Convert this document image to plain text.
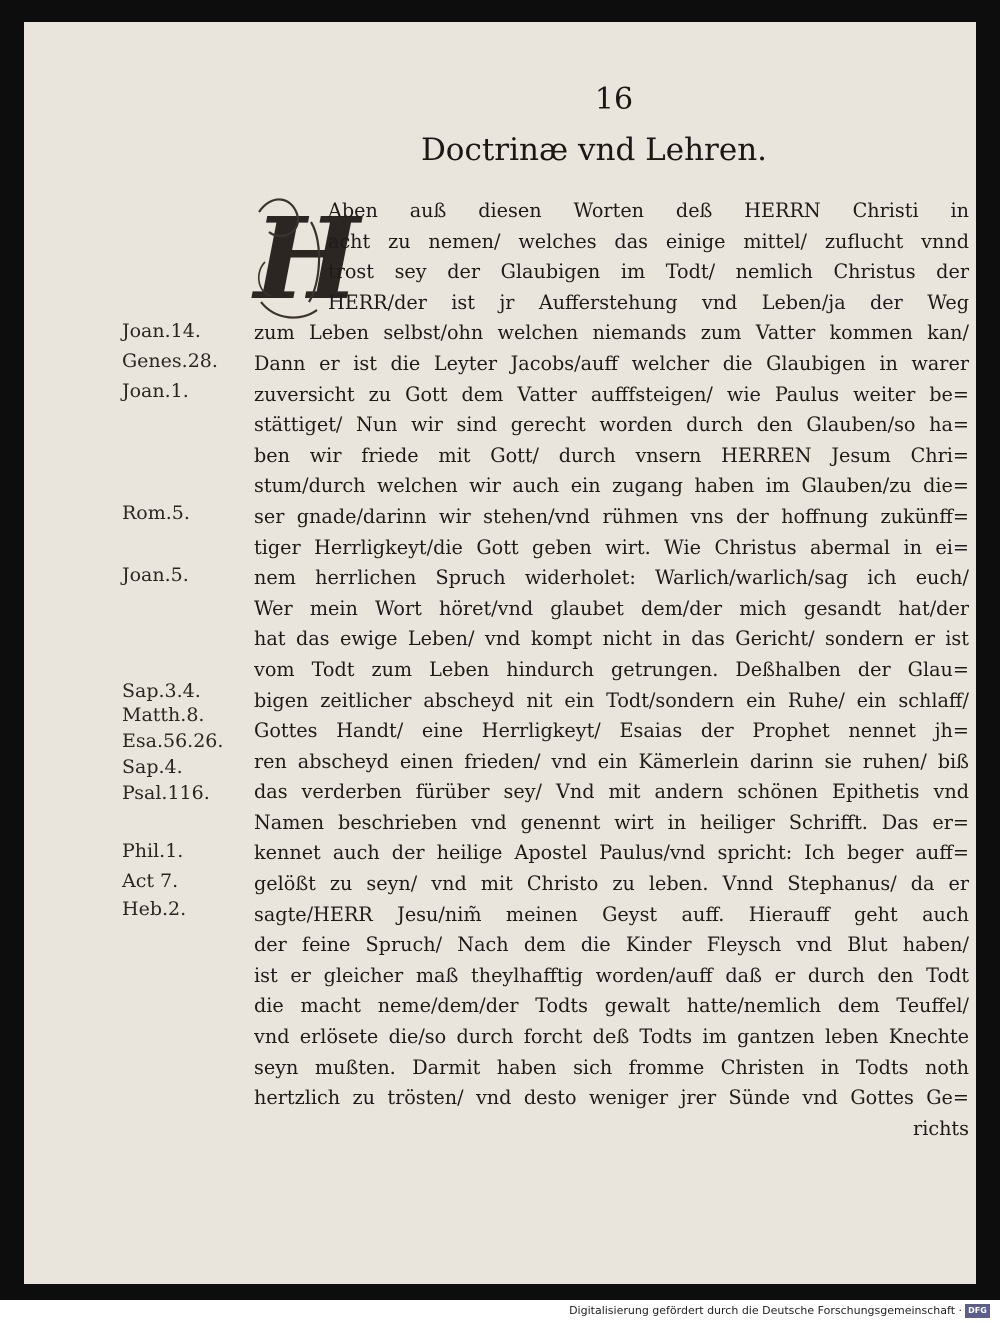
16
Doctrinæ vnd Lehren.
H
Aben auß diesen Worten deß HERRN Christi in
acht zu nemen/ welches das einige mittel/ zuflucht vnnd
trost sey der Glaubigen im Todt/ nemlich Christus der
HERR/der ist jr Aufferstehung vnd Leben/ja der Weg
zum Leben selbst/ohn welchen niemands zum Vatter kommen kan/
Dann er ist die Leyter Jacobs/auff welcher die Glaubigen in warer
zuversicht zu Gott dem Vatter aufffsteigen/ wie Paulus weiter be=
stättiget/ Nun wir sind gerecht worden durch den Glauben/so ha=
ben wir friede mit Gott/ durch vnsern HERREN Jesum Chri=
stum/durch welchen wir auch ein zugang haben im Glauben/zu die=
ser gnade/darinn wir stehen/vnd rühmen vns der hoffnung zukünff=
tiger Herrligkeyt/die Gott geben wirt. Wie Christus abermal in ei=
nem herrlichen Spruch widerholet: Warlich/warlich/sag ich euch/
Wer mein Wort höret/vnd glaubet dem/der mich gesandt hat/der
hat das ewige Leben/ vnd kompt nicht in das Gericht/ sondern er ist
vom Todt zum Leben hindurch getrungen. Deßhalben der Glau=
bigen zeitlicher abscheyd nit ein Todt/sondern ein Ruhe/ ein schlaff/
Gottes Handt/ eine Herrligkeyt/ Esaias der Prophet nennet jh=
ren abscheyd einen frieden/ vnd ein Kämerlein darinn sie ruhen/ biß
das verderben fürüber sey/ Vnd mit andern schönen Epithetis vnd
Namen beschrieben vnd genennt wirt in heiliger Schrifft. Das er=
kennet auch der heilige Apostel Paulus/vnd spricht: Ich beger auff=
gelößt zu seyn/ vnd mit Christo zu leben. Vnnd Stephanus/ da er
sagte/HERR Jesu/nim̃ meinen Geyst auff. Hierauff geht auch
der feine Spruch/ Nach dem die Kinder Fleysch vnd Blut haben/
ist er gleicher maß theylhafftig worden/auff daß er durch den Todt
die macht neme/dem/der Todts gewalt hatte/nemlich dem Teuffel/
vnd erlösete die/so durch forcht deß Todts im gantzen leben Knechte
seyn mußten. Darmit haben sich fromme Christen in Todts noth
hertzlich zu trösten/ vnd desto weniger jrer Sünde vnd Gottes Ge=
richts
Joan.14.
Genes.28.
Joan.1.
Rom.5.
Joan.5.
Sap.3.4.
Matth.8.
Esa.56.26.
Sap.4.
Psal.116.
Phil.1.
Act 7.
Heb.2.
Digitalisierung gefördert durch die Deutsche Forschungsgemeinschaft · DFG
